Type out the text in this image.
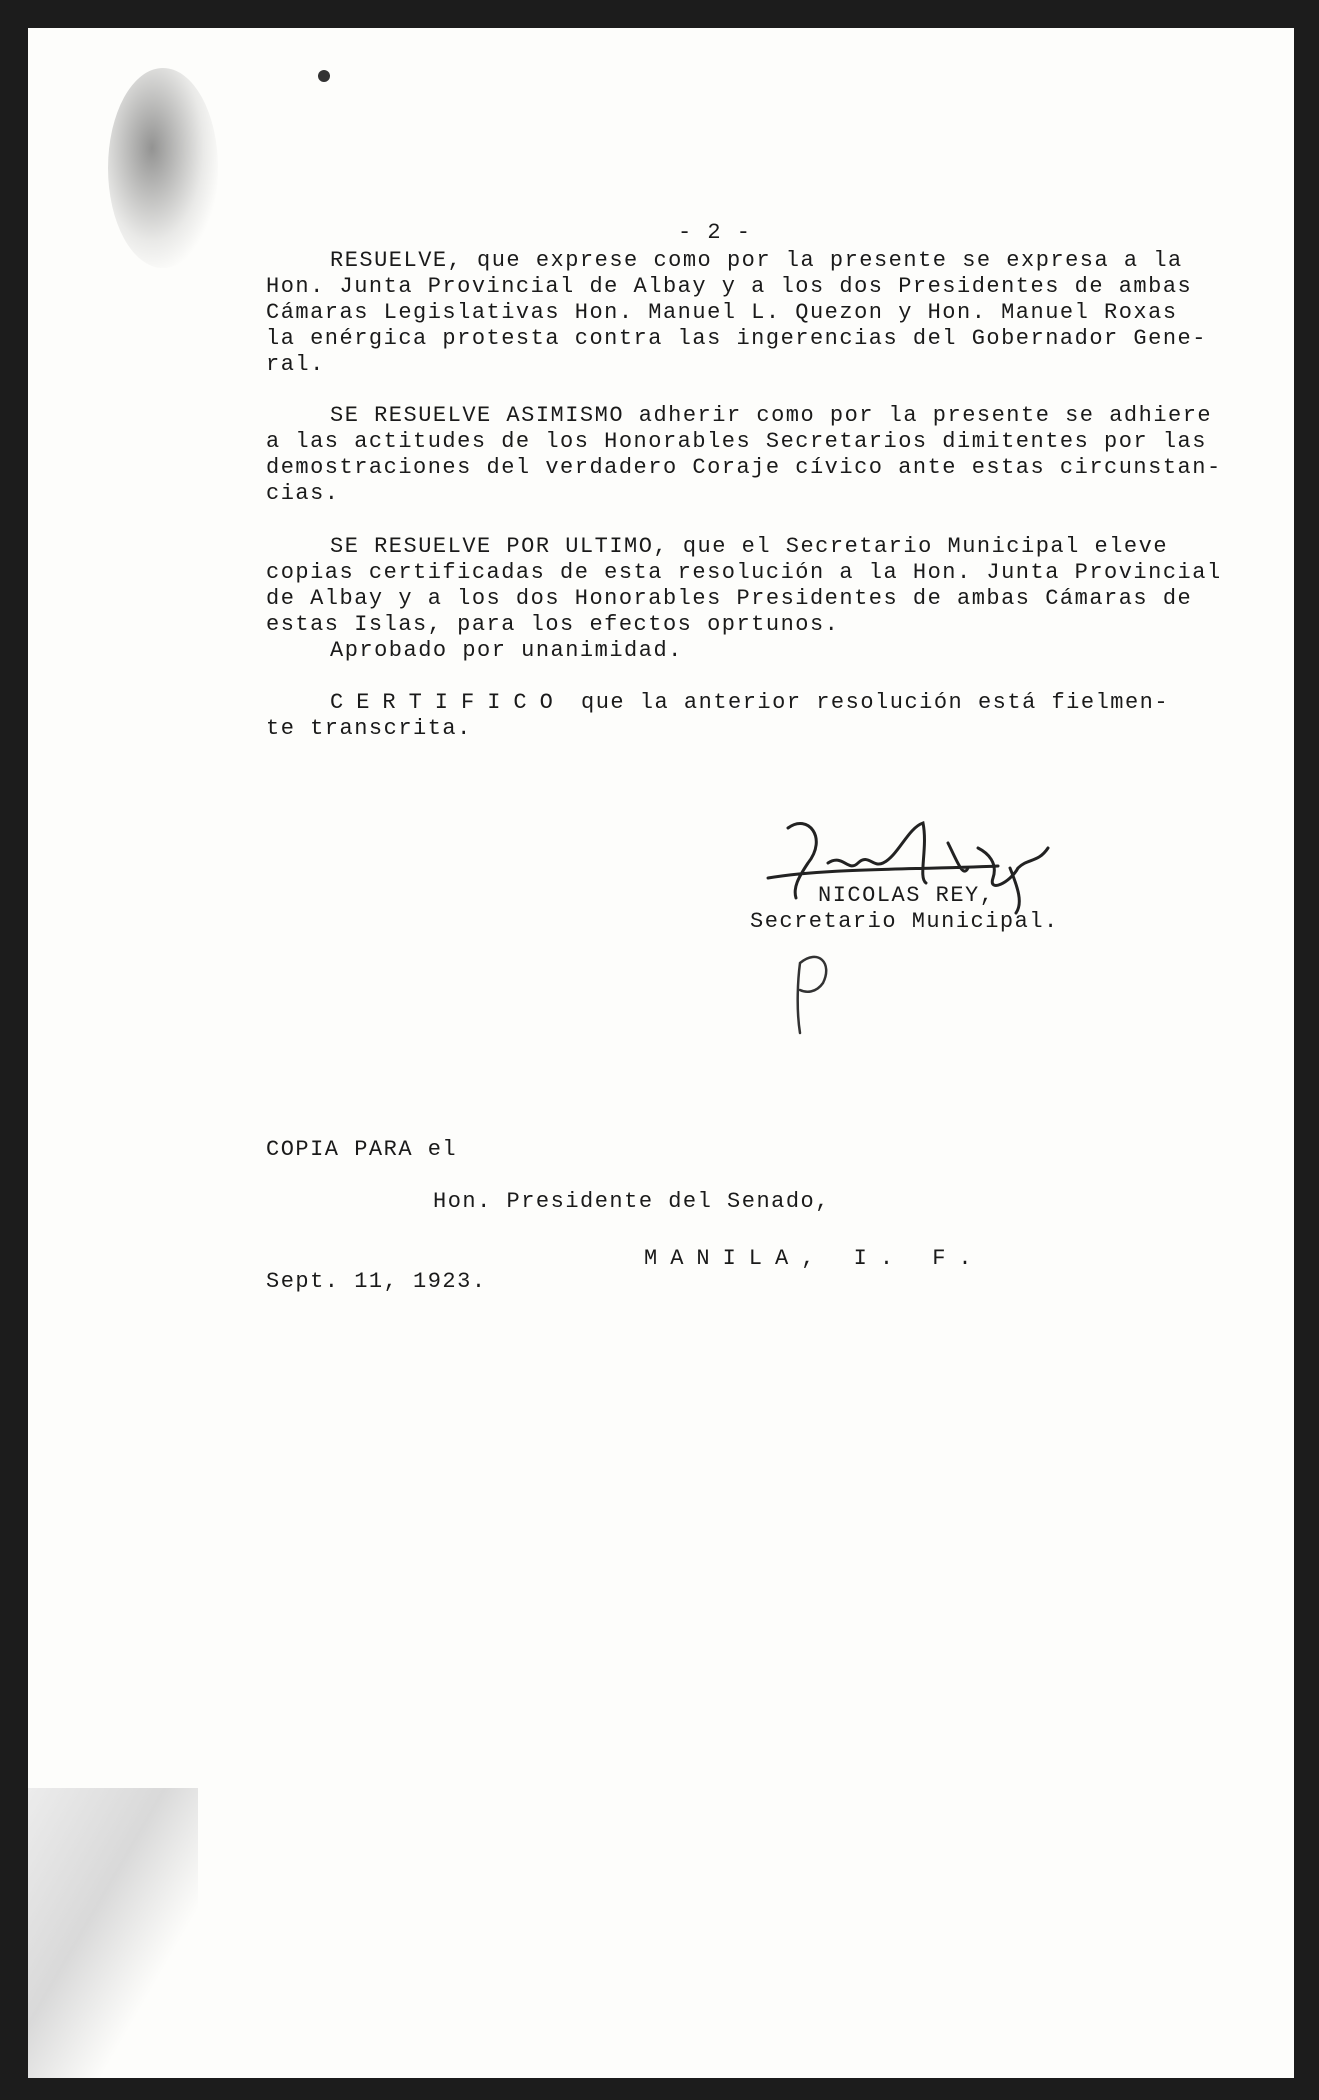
- 2 -

RESUELVE, que exprese como por la presente se expresa a la

Hon. Junta Provincial de Albay y a los dos Presidentes de ambas

Cámaras Legislativas Hon. Manuel L. Quezon y Hon. Manuel Roxas

la enérgica protesta contra las ingerencias del Gobernador Gene-

ral.

SE RESUELVE ASIMISMO adherir como por la presente se adhiere

a las actitudes de los Honorables Secretarios dimitentes por las

demostraciones del verdadero Coraje cívico ante estas circunstan-

cias.

SE RESUELVE POR ULTIMO, que el Secretario Municipal eleve

copias certificadas de esta resolución a la Hon. Junta Provincial

de Albay y a los dos Honorables Presidentes de ambas Cámaras de

estas Islas, para los efectos oprtunos.

Aprobado por unanimidad.

CERTIFICO que la anterior resolución está fielmen-

te transcrita.

NICOLAS REY,

Secretario Municipal.

COPIA PARA el

Hon. Presidente del Senado,

MANILA, I. F.

Sept. 11, 1923.
